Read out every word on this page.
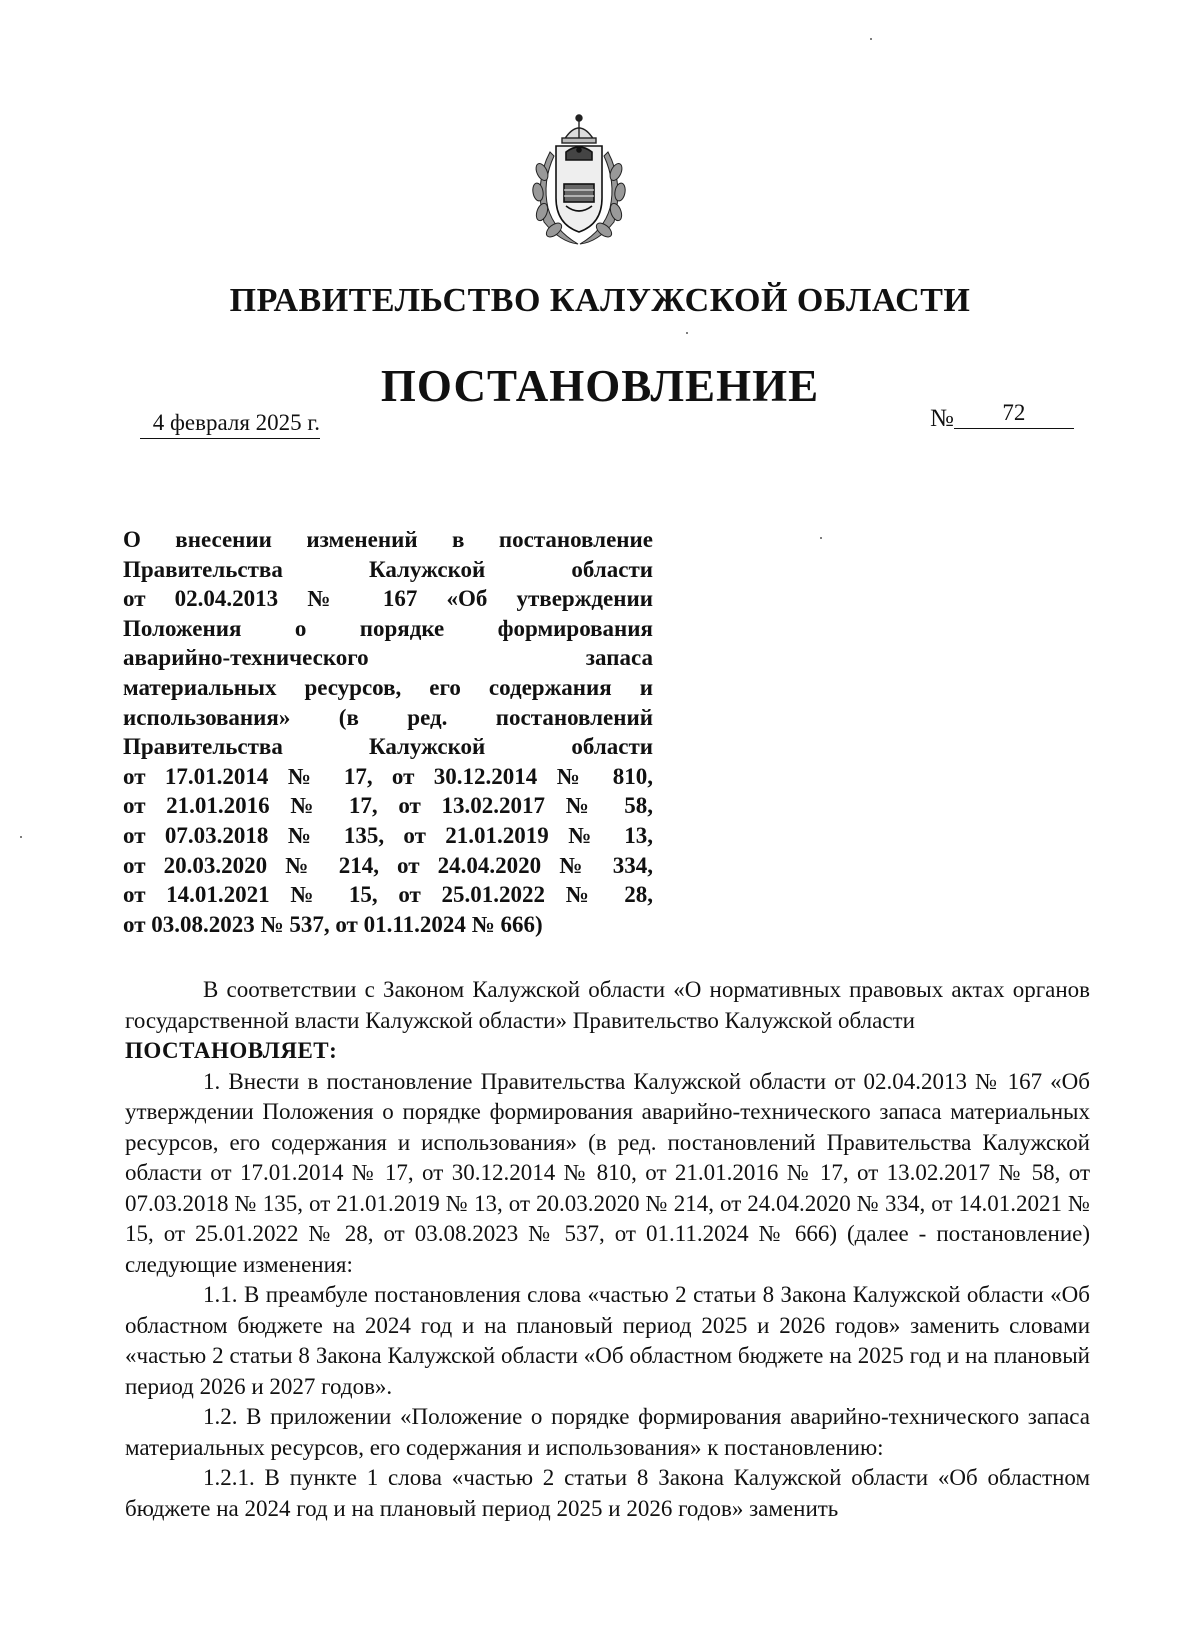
ПРАВИТЕЛЬСТВО КАЛУЖСКОЙ ОБЛАСТИ
ПОСТАНОВЛЕНИЕ
4 февраля 2025 г.	№	72
О внесении изменений в постановление
Правительства Калужской области
от 02.04.2013 № 167 «Об утверждении
Положения о порядке формирования
аварийно-технического запаса
материальных ресурсов, его содержания и
использования» (в ред. постановлений
Правительства Калужской области
от 17.01.2014 № 17, от 30.12.2014 № 810,
от 21.01.2016 № 17, от 13.02.2017 № 58,
от 07.03.2018 № 135, от 21.01.2019 № 13,
от 20.03.2020 № 214, от 24.04.2020 № 334,
от 14.01.2021 № 15, от 25.01.2022 № 28,
от 03.08.2023 № 537, от 01.11.2024 № 666)

В соответствии с Законом Калужской области «О нормативных правовых актах органов государственной власти Калужской области» Правительство Калужской области

ПОСТАНОВЛЯЕТ:

1. Внести в постановление Правительства Калужской области от 02.04.2013 № 167 «Об утверждении Положения о порядке формирования аварийно-технического запаса материальных ресурсов, его содержания и использования» (в ред. постановлений Правительства Калужской области от 17.01.2014 № 17, от 30.12.2014 № 810, от 21.01.2016 № 17, от 13.02.2017 № 58, от 07.03.2018 № 135, от 21.01.2019 № 13, от 20.03.2020 № 214, от 24.04.2020 № 334, от 14.01.2021 № 15, от 25.01.2022 № 28, от 03.08.2023 № 537, от 01.11.2024 № 666) (далее - постановление) следующие изменения:

1.1. В преамбуле постановления слова «частью 2 статьи 8 Закона Калужской области «Об областном бюджете на 2024 год и на плановый период 2025 и 2026 годов» заменить словами «частью 2 статьи 8 Закона Калужской области «Об областном бюджете на 2025 год и на плановый период 2026 и 2027 годов».

1.2. В приложении «Положение о порядке формирования аварийно-технического запаса материальных ресурсов, его содержания и использования» к постановлению:

1.2.1. В пункте 1 слова «частью 2 статьи 8 Закона Калужской области «Об областном бюджете на 2024 год и на плановый период 2025 и 2026 годов» заменить
